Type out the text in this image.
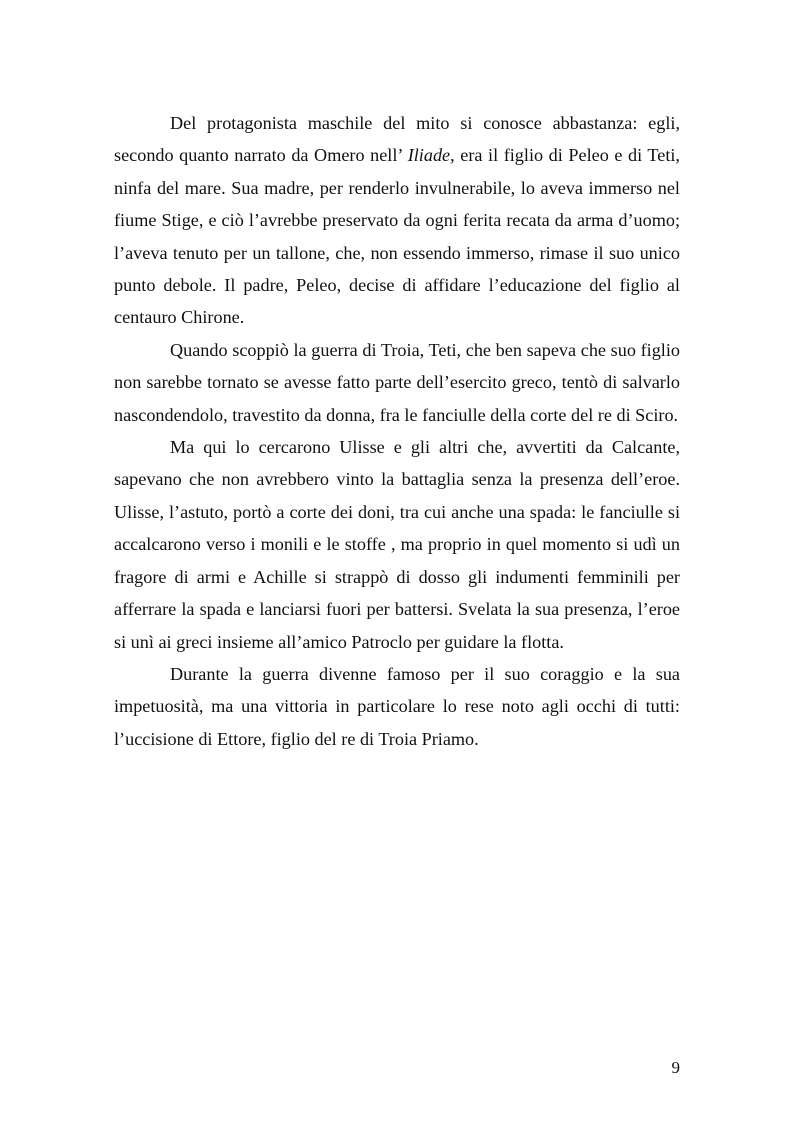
Del protagonista maschile del mito si conosce abbastanza: egli, secondo quanto narrato da Omero nell’ Iliade, era il figlio di Peleo e di Teti, ninfa del mare. Sua madre, per renderlo invulnerabile, lo aveva immerso nel fiume Stige, e ciò l’avrebbe preservato da ogni ferita recata da arma d’uomo; l’aveva tenuto per un tallone, che, non essendo immerso, rimase il suo unico punto debole. Il padre, Peleo, decise di affidare l’educazione del figlio al centauro Chirone.

Quando scoppiò la guerra di Troia, Teti, che ben sapeva che suo figlio non sarebbe tornato se avesse fatto parte dell’esercito greco, tentò di salvarlo nascondendolo, travestito da donna, fra le fanciulle della corte del re di Sciro.

Ma qui lo cercarono Ulisse e gli altri che, avvertiti da Calcante, sapevano che non avrebbero vinto la battaglia senza la presenza dell’eroe. Ulisse, l’astuto, portò a corte dei doni, tra cui anche una spada: le fanciulle si accalcarono verso i monili e le stoffe , ma proprio in quel momento si udì un fragore di armi e Achille si strappò di dosso gli indumenti femminili per afferrare la spada e lanciarsi fuori per battersi. Svelata la sua presenza, l’eroe si unì ai greci insieme all’amico Patroclo per guidare la flotta.

Durante la guerra divenne famoso per il suo coraggio e la sua impetuosità, ma una vittoria in particolare lo rese noto agli occhi di tutti: l’uccisione di Ettore, figlio del re di Troia Priamo.

9
